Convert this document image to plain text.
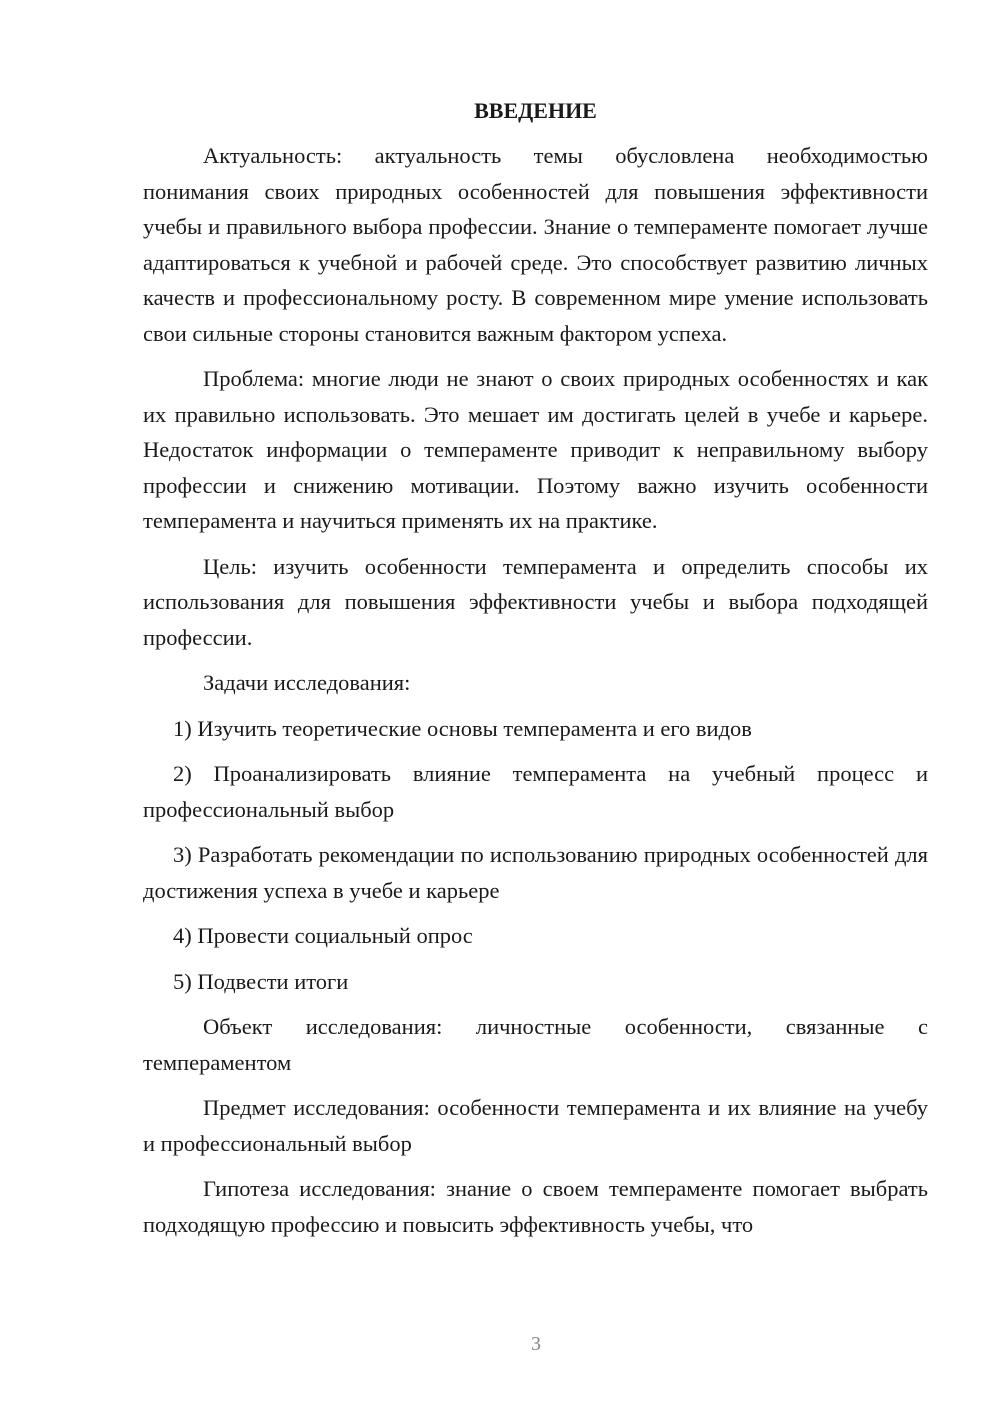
ВВЕДЕНИЕ

Актуальность: актуальность темы обусловлена необходимостью понимания своих природных особенностей для повышения эффективности учебы и правильного выбора профессии. Знание о темпераменте помогает лучше адаптироваться к учебной и рабочей среде. Это способствует развитию личных качеств и профессиональному росту. В современном мире умение использовать свои сильные стороны становится важным фактором успеха.

Проблема: многие люди не знают о своих природных особенностях и как их правильно использовать. Это мешает им достигать целей в учебе и карьере. Недостаток информации о темпераменте приводит к неправильному выбору профессии и снижению мотивации. Поэтому важно изучить особенности темперамента и научиться применять их на практике.

Цель: изучить особенности темперамента и определить способы их использования для повышения эффективности учебы и выбора подходящей профессии.

Задачи исследования:

1) Изучить теоретические основы темперамента и его видов

2) Проанализировать влияние темперамента на учебный процесс и профессиональный выбор

3) Разработать рекомендации по использованию природных особенностей для достижения успеха в учебе и карьере

4) Провести социальный опрос

5) Подвести итоги

Объект исследования: личностные особенности, связанные с темпераментом

Предмет исследования: особенности темперамента и их влияние на учебу и профессиональный выбор

Гипотеза исследования: знание о своем темпераменте помогает выбрать подходящую профессию и повысить эффективность учебы, что

3
